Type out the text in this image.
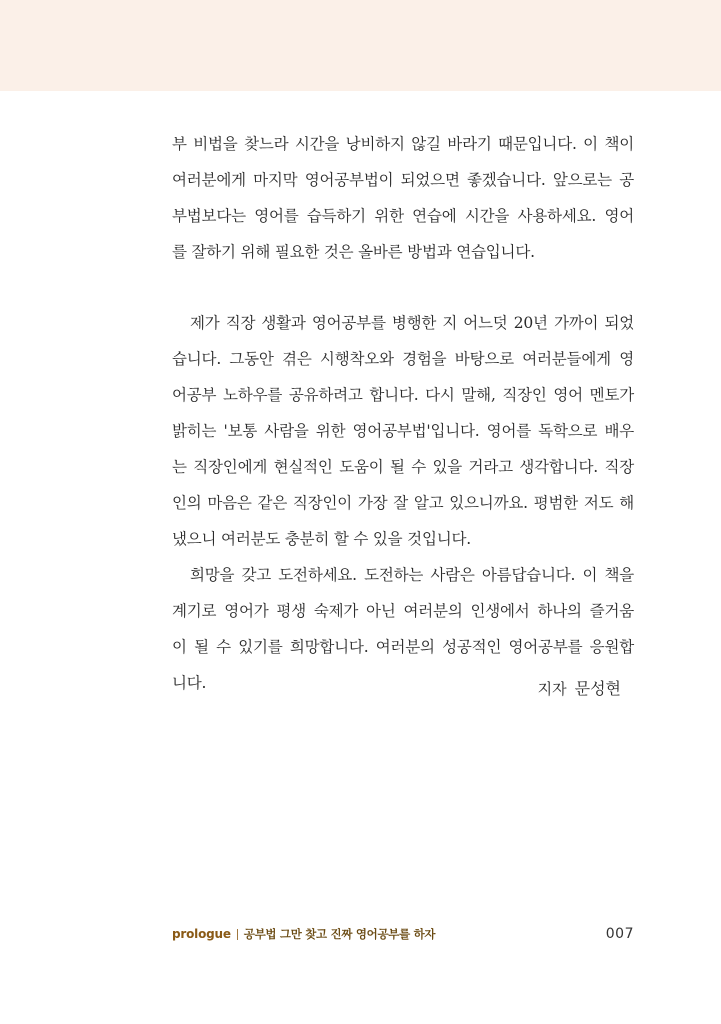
부 비법을 찾느라 시간을 낭비하지 않길 바라기 때문입니다. 이 책이
여러분에게 마지막 영어공부법이 되었으면 좋겠습니다. 앞으로는 공
부법보다는 영어를 습득하기 위한 연습에 시간을 사용하세요. 영어
를 잘하기 위해 필요한 것은 올바른 방법과 연습입니다.
제가 직장 생활과 영어공부를 병행한 지 어느덧 20년 가까이 되었
습니다. 그동안 겪은 시행착오와 경험을 바탕으로 여러분들에게 영
어공부 노하우를 공유하려고 합니다. 다시 말해, 직장인 영어 멘토가
밝히는 '보통 사람을 위한 영어공부법'입니다. 영어를 독학으로 배우
는 직장인에게 현실적인 도움이 될 수 있을 거라고 생각합니다. 직장
인의 마음은 같은 직장인이 가장 잘 알고 있으니까요. 평범한 저도 해
냈으니 여러분도 충분히 할 수 있을 것입니다.
희망을 갖고 도전하세요. 도전하는 사람은 아름답습니다. 이 책을
계기로 영어가 평생 숙제가 아닌 여러분의 인생에서 하나의 즐거움
이 될 수 있기를 희망합니다. 여러분의 성공적인 영어공부를 응원합
니다.	지자 문성현
prologue 공부법 그만 찾고 진짜 영어공부를 하자	007
